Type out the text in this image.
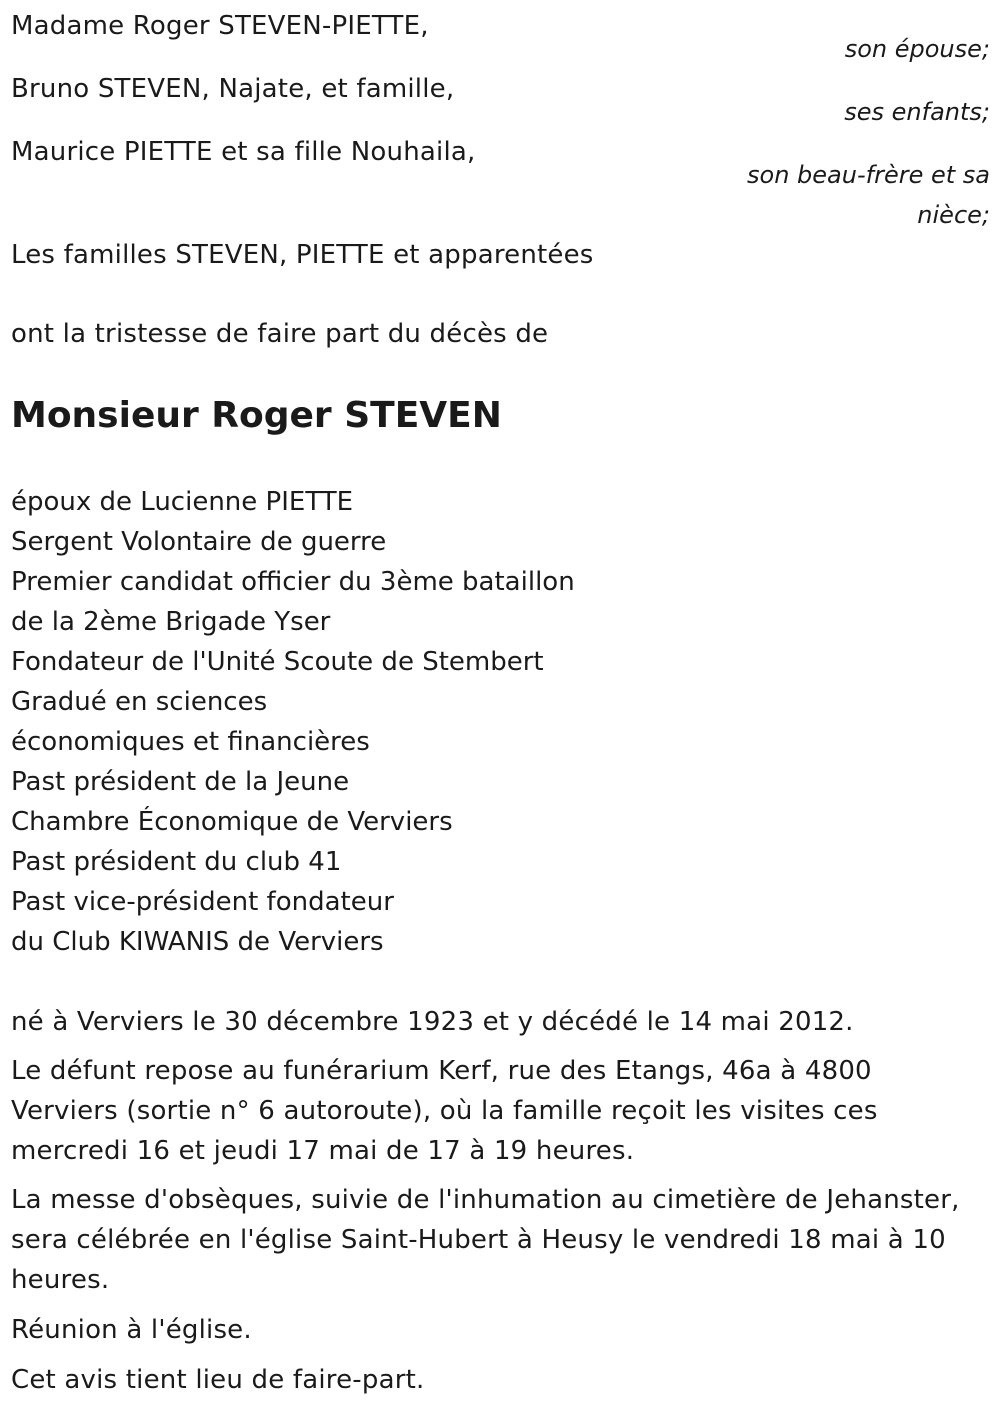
Madame Roger STEVEN-PIETTE,
son épouse;
Bruno STEVEN, Najate, et famille,
ses enfants;
Maurice PIETTE et sa fille Nouhaila,
son beau-frère et sa
nièce;
Les familles STEVEN, PIETTE et apparentées
ont la tristesse de faire part du décès de
Monsieur Roger STEVEN
époux de Lucienne PIETTE
Sergent Volontaire de guerre
Premier candidat officier du 3ème bataillon
de la 2ème Brigade Yser
Fondateur de l'Unité Scoute de Stembert
Gradué en sciences
économiques et financières
Past président de la Jeune
Chambre Économique de Verviers
Past président du club 41
Past vice-président fondateur
du Club KIWANIS de Verviers
né à Verviers le 30 décembre 1923 et y décédé le 14 mai 2012.
Le défunt repose au funérarium Kerf, rue des Etangs, 46a à 4800
Verviers (sortie n° 6 autoroute), où la famille reçoit les visites ces
mercredi 16 et jeudi 17 mai de 17 à 19 heures.
La messe d'obsèques, suivie de l'inhumation au cimetière de Jehanster,
sera célébrée en l'église Saint-Hubert à Heusy le vendredi 18 mai à 10
heures.
Réunion à l'église.
Cet avis tient lieu de faire-part.
